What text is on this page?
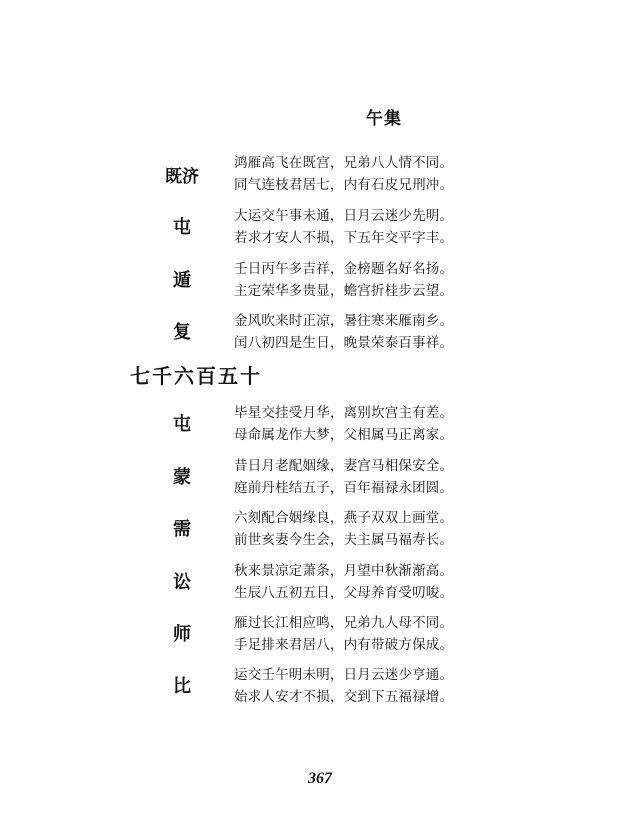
午集
既济
鸿雁高飞在既宫，兄弟八人情不同。
同气连枝君居七，内有石皮兄刑冲。
屯
大运交午事未通，日月云迷少先明。
若求才安人不损，下五年交平字丰。
遁
壬日丙午多吉祥，金榜题名好名扬。
主定荣华多贵显，蟾宫折桂步云望。
复
金风吹来时正凉，暑往寒来雁南乡。
闰八初四是生日，晚景荣泰百事祥。
七千六百五十
屯
毕星交挂受月华，离别坎宫主有差。
母命属龙作大梦，父相属马正离家。
蒙
昔日月老配姻缘，妻宫马相保安全。
庭前丹桂结五子，百年福禄永团圆。
需
六刻配合姻缘良，燕子双双上画堂。
前世亥妻今生会，夫主属马福寿长。
讼
秋来景凉定萧条，月望中秋渐渐高。
生辰八五初五日，父母养育受叨唆。
师
雁过长江相应鸣，兄弟九人母不同。
手足排来君居八，内有带破方保成。
比
运交壬午明未明，日月云迷少亨通。
始求人安才不损，交到下五福禄增。
367
